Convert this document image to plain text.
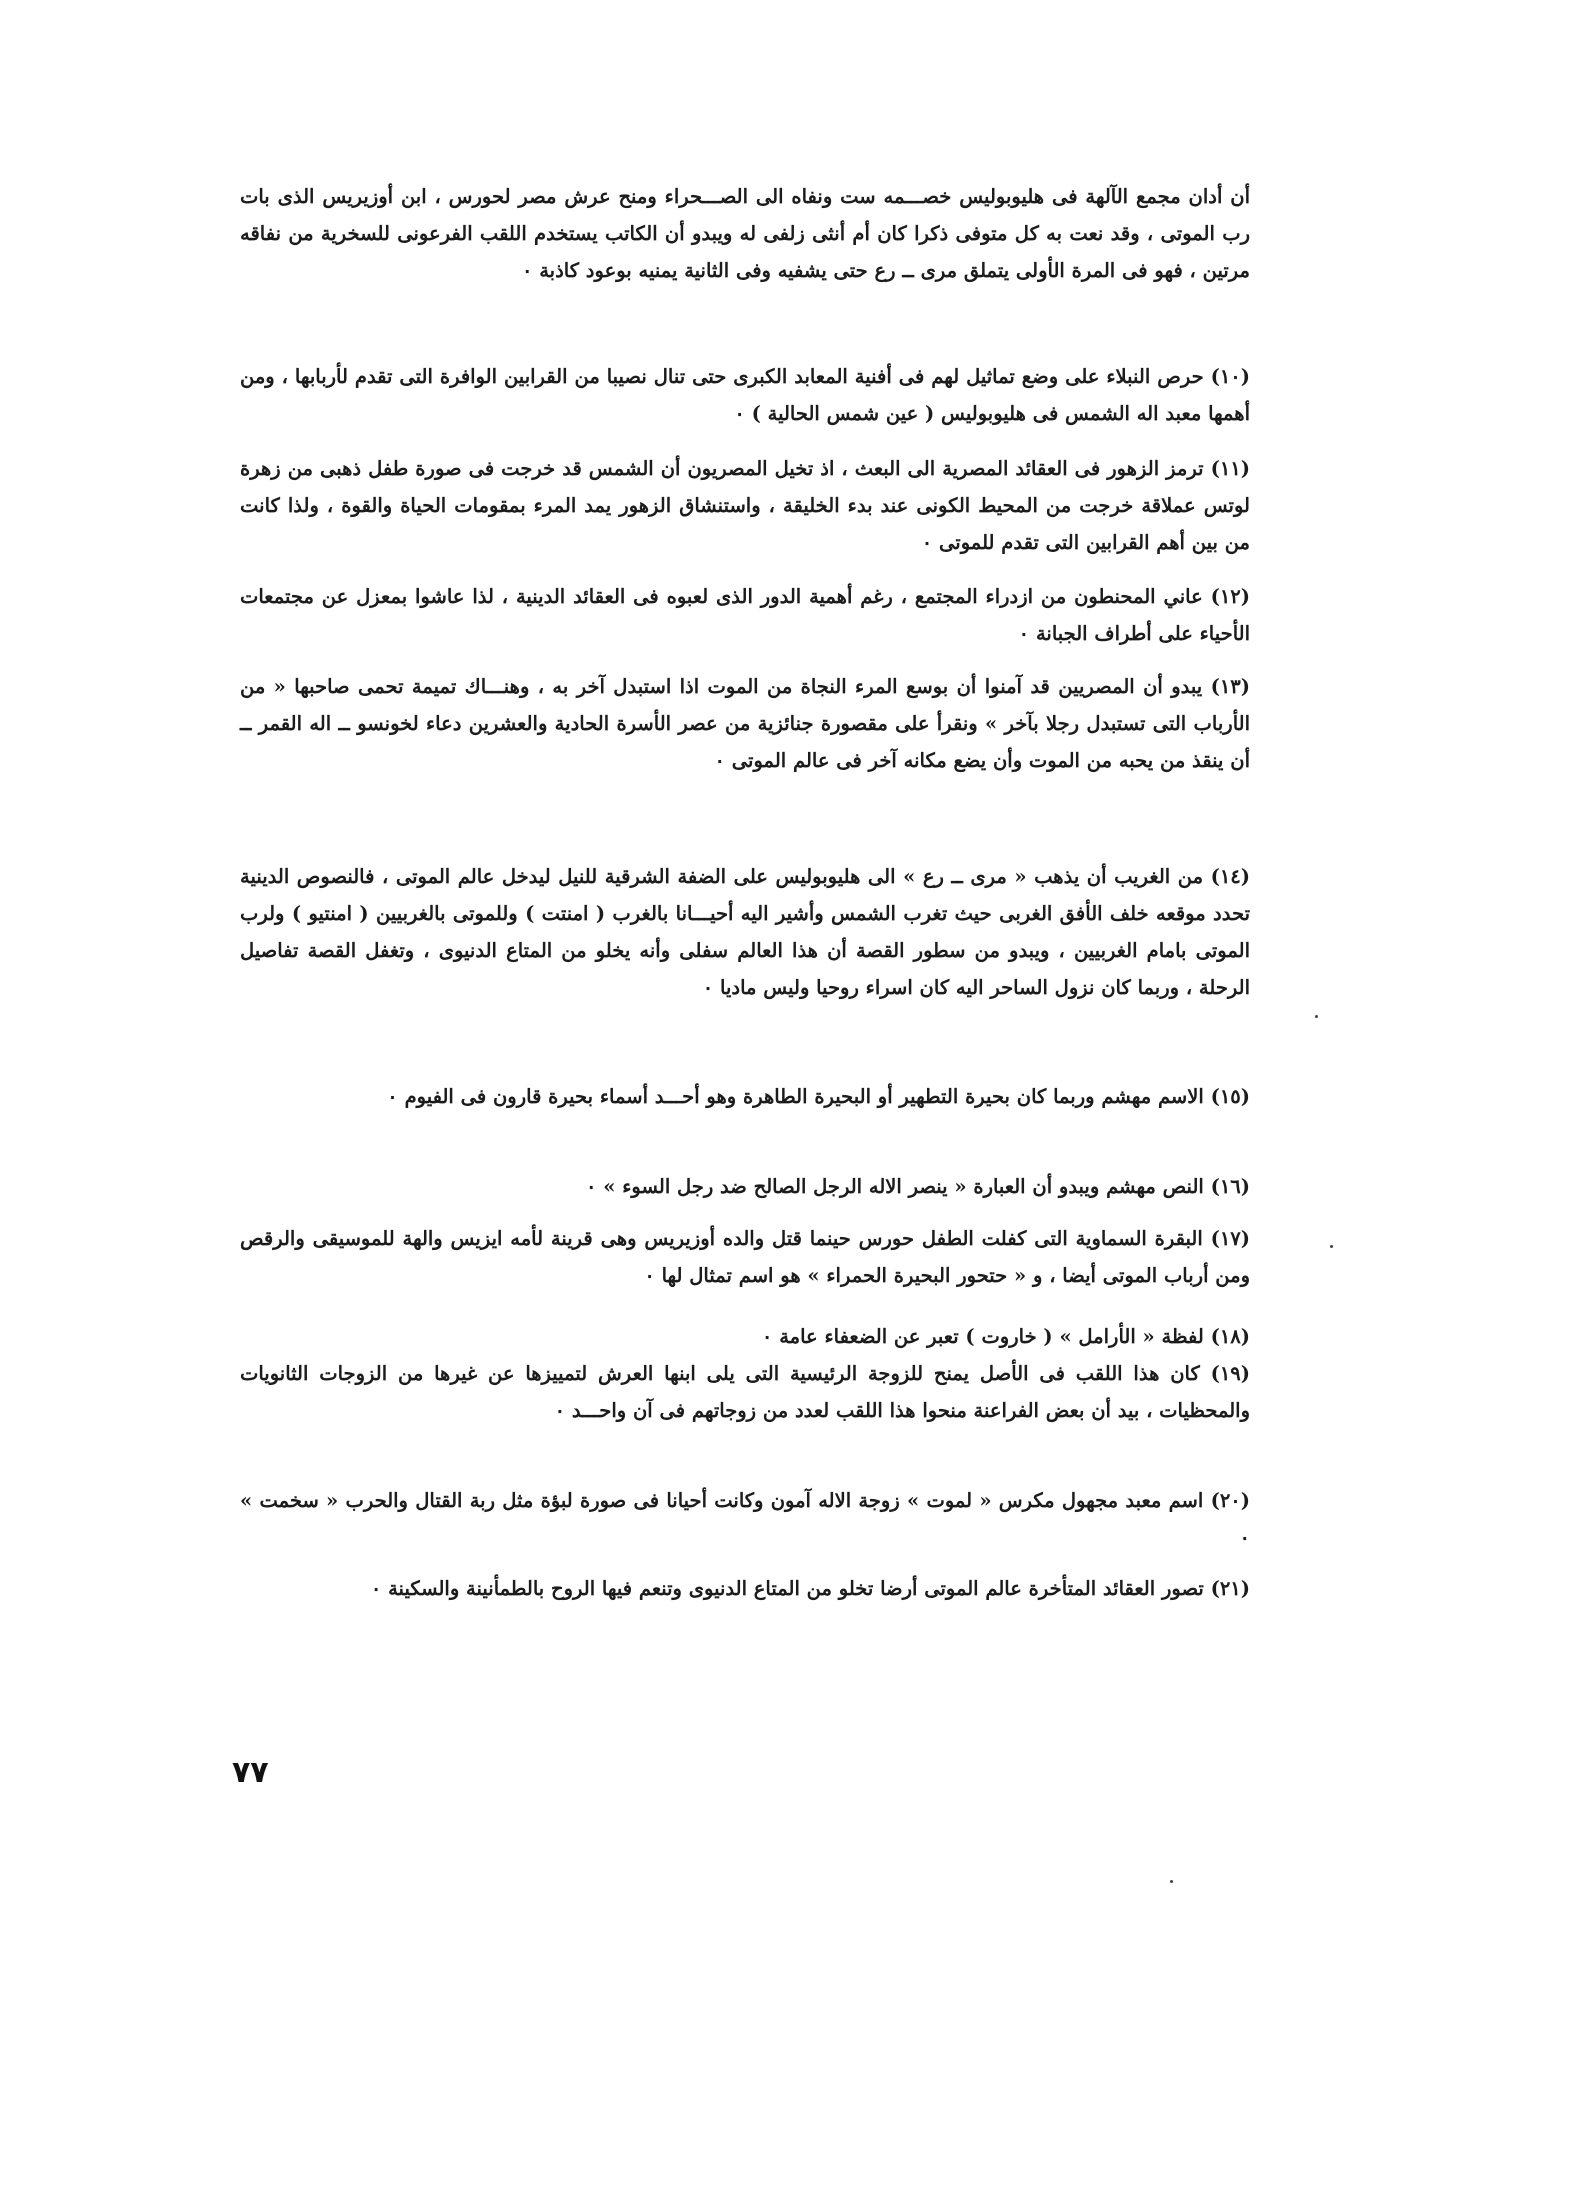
أن أدان مجمع الآلهة فى هليوبوليس خصـــمه ست ونفاه الى الصـــحراء ومنح عرش مصر لحورس ، ابن أوزيريس الذى بات رب الموتى ، وقد نعت به كل متوفى ذكرا كان أم أنثى زلفى له ويبدو أن الكاتب يستخدم اللقب الفرعونى للسخرية من نفاقه مرتين ، فهو فى المرة الأولى يتملق مرى ــ رع حتى يشفيه وفى الثانية يمنيه بوعود كاذبة ٠

(١٠) حرص النبلاء على وضع تماثيل لهم فى أفنية المعابد الكبرى حتى تنال نصيبا من القرابين الوافرة التى تقدم لأربابها ، ومن أهمها معبد اله الشمس فى هليوبوليس ( عين شمس الحالية ) ٠

(١١) ترمز الزهور فى العقائد المصرية الى البعث ، اذ تخيل المصريون أن الشمس قد خرجت فى صورة طفل ذهبى من زهرة لوتس عملاقة خرجت من المحيط الكونى عند بدء الخليقة ، واستنشاق الزهور يمد المرء بمقومات الحياة والقوة ، ولذا كانت من بين أهم القرابين التى تقدم للموتى ٠

(١٢) عاني المحنطون من ازدراء المجتمع ، رغم أهمية الدور الذى لعبوه فى العقائد الدينية ، لذا عاشوا بمعزل عن مجتمعات الأحياء على أطراف الجبانة ٠

(١٣) يبدو أن المصريين قد آمنوا أن بوسع المرء النجاة من الموت اذا استبدل آخر به ، وهنـــاك تميمة تحمى صاحبها « من الأرباب التى تستبدل رجلا بآخر » ونقرأ على مقصورة جنائزية من عصر الأسرة الحادية والعشرين دعاء لخونسو ــ اله القمر ــ أن ينقذ من يحبه من الموت وأن يضع مكانه آخر فى عالم الموتى ٠

(١٤) من الغريب أن يذهب « مرى ــ رع » الى هليوبوليس على الضفة الشرقية للنيل ليدخل عالم الموتى ، فالنصوص الدينية تحدد موقعه خلف الأفق الغربى حيث تغرب الشمس وأشير اليه أحيـــانا بالغرب ( امنتت ) وللموتى بالغربيين ( امنتيو ) ولرب الموتى بامام الغربيين ، ويبدو من سطور القصة أن هذا العالم سفلى وأنه يخلو من المتاع الدنيوى ، وتغفل القصة تفاصيل الرحلة ، وربما كان نزول الساحر اليه كان اسراء روحيا وليس ماديا ٠

(١٥) الاسم مهشم وربما كان بحيرة التطهير أو البحيرة الطاهرة وهو أحـــد أسماء بحيرة قارون فى الفيوم ٠

(١٦) النص مهشم ويبدو أن العبارة « ينصر الاله الرجل الصالح ضد رجل السوء » ٠

(١٧) البقرة السماوية التى كفلت الطفل حورس حينما قتل والده أوزيريس وهى قرينة لأمه ايزيس والهة للموسيقى والرقص ومن أرباب الموتى أيضا ، و « حتحور البحيرة الحمراء » هو اسم تمثال لها ٠

(١٨) لفظة « الأرامل » ( خاروت ) تعبر عن الضعفاء عامة ٠

(١٩) كان هذا اللقب فى الأصل يمنح للزوجة الرئيسية التى يلى ابنها العرش لتمييزها عن غيرها من الزوجات الثانويات والمحظيات ، بيد أن بعض الفراعنة منحوا هذا اللقب لعدد من زوجاتهم فى آن واحـــد ٠

(٢٠) اسم معبد مجهول مكرس « لموت » زوجة الاله آمون وكانت أحيانا فى صورة لبؤة مثل ربة القتال والحرب « سخمت » ٠

(٢١) تصور العقائد المتأخرة عالم الموتى أرضا تخلو من المتاع الدنيوى وتنعم فيها الروح بالطمأنينة والسكينة ٠

٧٧
